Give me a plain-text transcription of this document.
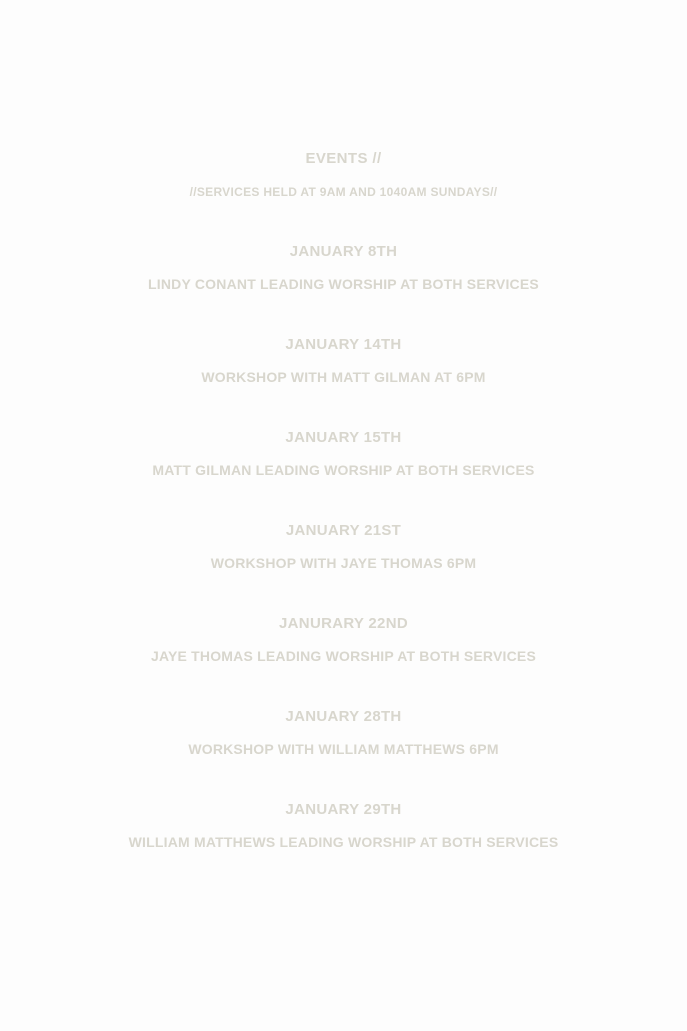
EVENTS //
//SERVICES HELD AT 9AM AND 1040AM SUNDAYS//
JANUARY 8TH
LINDY CONANT LEADING WORSHIP AT BOTH SERVICES
JANUARY 14TH
WORKSHOP WITH MATT GILMAN AT 6PM
JANUARY 15TH
MATT GILMAN LEADING WORSHIP AT BOTH SERVICES
JANUARY 21ST
WORKSHOP WITH JAYE THOMAS 6PM
JANURARY 22ND
JAYE THOMAS LEADING WORSHIP AT BOTH SERVICES
JANUARY 28TH
WORKSHOP WITH WILLIAM MATTHEWS 6PM
JANUARY 29TH
WILLIAM MATTHEWS LEADING WORSHIP AT BOTH SERVICES
